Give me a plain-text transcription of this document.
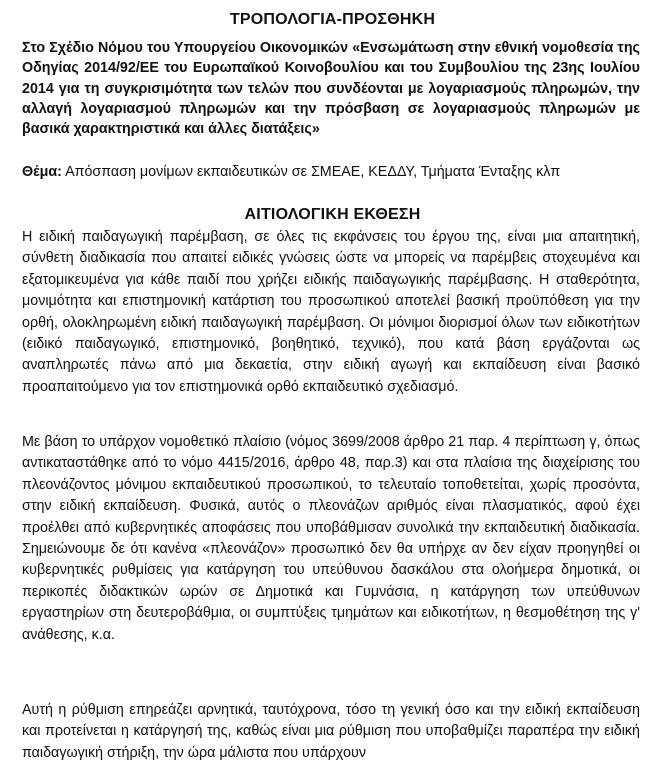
ΤΡΟΠΟΛΟΓΙΑ-ΠΡΟΣΘΗΚΗ
Στο Σχέδιο Νόμου του Υπουργείου Οικονομικών «Ενσωμάτωση στην εθνική νομοθεσία της Οδηγίας 2014/92/ΕΕ του Ευρωπαϊκού Κοινοβουλίου και του Συμβουλίου της 23ης Ιουλίου 2014 για τη συγκρισιμότητα των τελών που συνδέονται με λογαριασμούς πληρωμών, την αλλαγή λογαριασμού πληρωμών και την πρόσβαση σε λογαριασμούς πληρωμών με βασικά χαρακτηριστικά και άλλες διατάξεις»
Θέμα: Απόσπαση μονίμων εκπαιδευτικών σε ΣΜΕΑΕ, ΚΕΔΔΥ, Τμήματα Ένταξης κλπ
ΑΙΤΙΟΛΟΓΙΚΗ ΕΚΘΕΣΗ
Η ειδική παιδαγωγική παρέμβαση, σε όλες τις εκφάνσεις του έργου της, είναι μια απαιτητική, σύνθετη διαδικασία που απαιτεί ειδικές γνώσεις ώστε να μπορείς να παρέμβεις στοχευμένα και εξατομικευμένα για κάθε παιδί που χρήζει ειδικής παιδαγωγικής παρέμβασης. Η σταθερότητα, μονιμότητα και επιστημονική κατάρτιση του προσωπικού αποτελεί βασική προϋπόθεση για την ορθή, ολοκληρωμένη ειδική παιδαγωγική παρέμβαση. Οι μόνιμοι διορισμοί όλων των ειδικοτήτων (ειδικό παιδαγωγικό, επιστημονικό, βοηθητικό, τεχνικό), που κατά βάση εργάζονται ως αναπληρωτές πάνω από μια δεκαετία, στην ειδική αγωγή και εκπαίδευση είναι βασικό προαπαιτούμενο για τον επιστημονικά ορθό εκπαιδευτικό σχεδιασμό.
Με βάση το υπάρχον νομοθετικό πλαίσιο (νόμος 3699/2008 άρθρο 21 παρ. 4 περίπτωση γ, όπως αντικαταστάθηκε από το νόμο 4415/2016, άρθρο 48, παρ.3) και στα πλαίσια της διαχείρισης του πλεονάζοντος μόνιμου εκπαιδευτικού προσωπικού, το τελευταίο τοποθετείται, χωρίς προσόντα, στην ειδική εκπαίδευση. Φυσικά, αυτός ο πλεονάζων αριθμός είναι πλασματικός, αφού έχει προέλθει από κυβερνητικές αποφάσεις που υποβάθμισαν συνολικά την εκπαιδευτική διαδικασία. Σημειώνουμε δε ότι κανένα «πλεονάζον» προσωπικό δεν θα υπήρχε αν δεν είχαν προηγηθεί οι κυβερνητικές ρυθμίσεις για κατάργηση του υπεύθυνου δασκάλου στα ολοήμερα δημοτικά, οι περικοπές διδακτικών ωρών σε Δημοτικά και Γυμνάσια, η κατάργηση των υπεύθυνων εργαστηρίων στη δευτεροβάθμια, οι συμπτύξεις τμημάτων και ειδικοτήτων, η θεσμοθέτηση της γ' ανάθεσης, κ.α.
Αυτή η ρύθμιση επηρεάζει αρνητικά, ταυτόχρονα, τόσο τη γενική όσο και την ειδική εκπαίδευση και προτείνεται η κατάργησή της, καθώς είναι μια ρύθμιση που υποβαθμίζει παραπέρα την ειδική παιδαγωγική στήριξη, την ώρα μάλιστα που υπάρχουν
